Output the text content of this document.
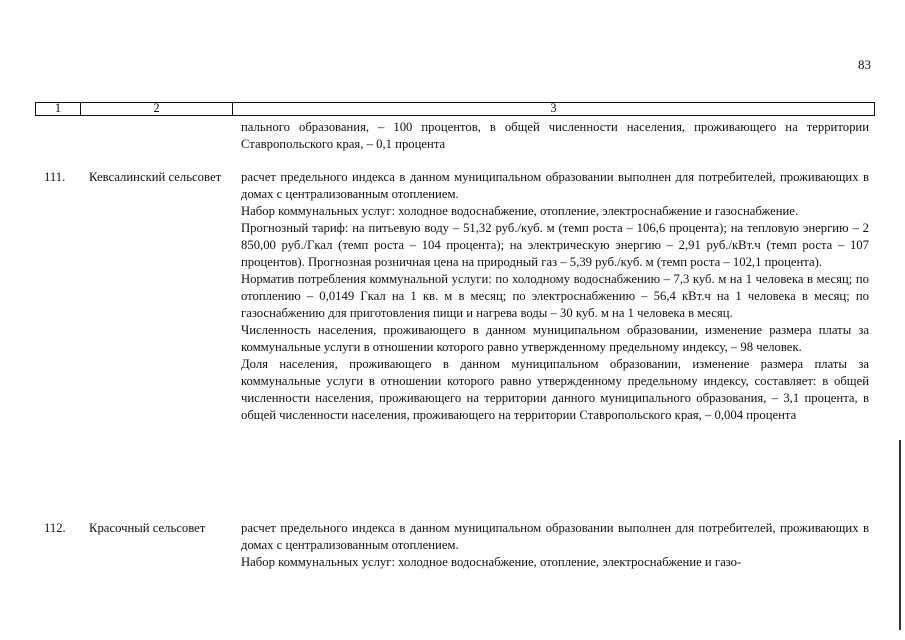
83
1	2	3

пального образования, – 100 процентов, в общей численности населения, проживающего на территории Ставропольского края, – 0,1 процента

111. Кевсалинский сельсовет	расчет предельного индекса в данном муниципальном образовании выполнен для потребителей, проживающих в домах с централизованным отоплением.

Набор коммунальных услуг: холодное водоснабжение, отопление, электроснабжение и газоснабжение.

Прогнозный тариф: на питьевую воду – 51,32 руб./куб. м (темп роста – 106,6 процента); на тепловую энергию – 2 850,00 руб./Гкал (темп роста – 104 процента); на электрическую энергию – 2,91 руб./кВт.ч (темп роста – 107 процентов). Прогнозная розничная цена на природный газ – 5,39 руб./куб. м (темп роста – 102,1 процента).

Норматив потребления коммунальной услуги: по холодному водоснабжению – 7,3 куб. м на 1 человека в месяц; по отоплению – 0,0149 Гкал на 1 кв. м в месяц; по электроснабжению – 56,4 кВт.ч на 1 человека в месяц; по газоснабжению для приготовления пищи и нагрева воды – 30 куб. м на 1 человека в месяц.

Численность населения, проживающего в данном муниципальном образовании, изменение размера платы за коммунальные услуги в отношении которого равно утвержденному предельному индексу, – 98 человек.

Доля населения, проживающего в данном муниципальном образовании, изменение размера платы за коммунальные услуги в отношении которого равно утвержденному предельному индексу, составляет: в общей численности населения, проживающего на территории данного муниципального образования, – 3,1 процента, в общей численности населения, проживающего на территории Ставропольского края, – 0,004 процента

112. Красочный сельсовет	расчет предельного индекса в данном муниципальном образовании выполнен для потребителей, проживающих в домах с централизованным отоплением.

Набор коммунальных услуг: холодное водоснабжение, отопление, электроснабжение и газо-
